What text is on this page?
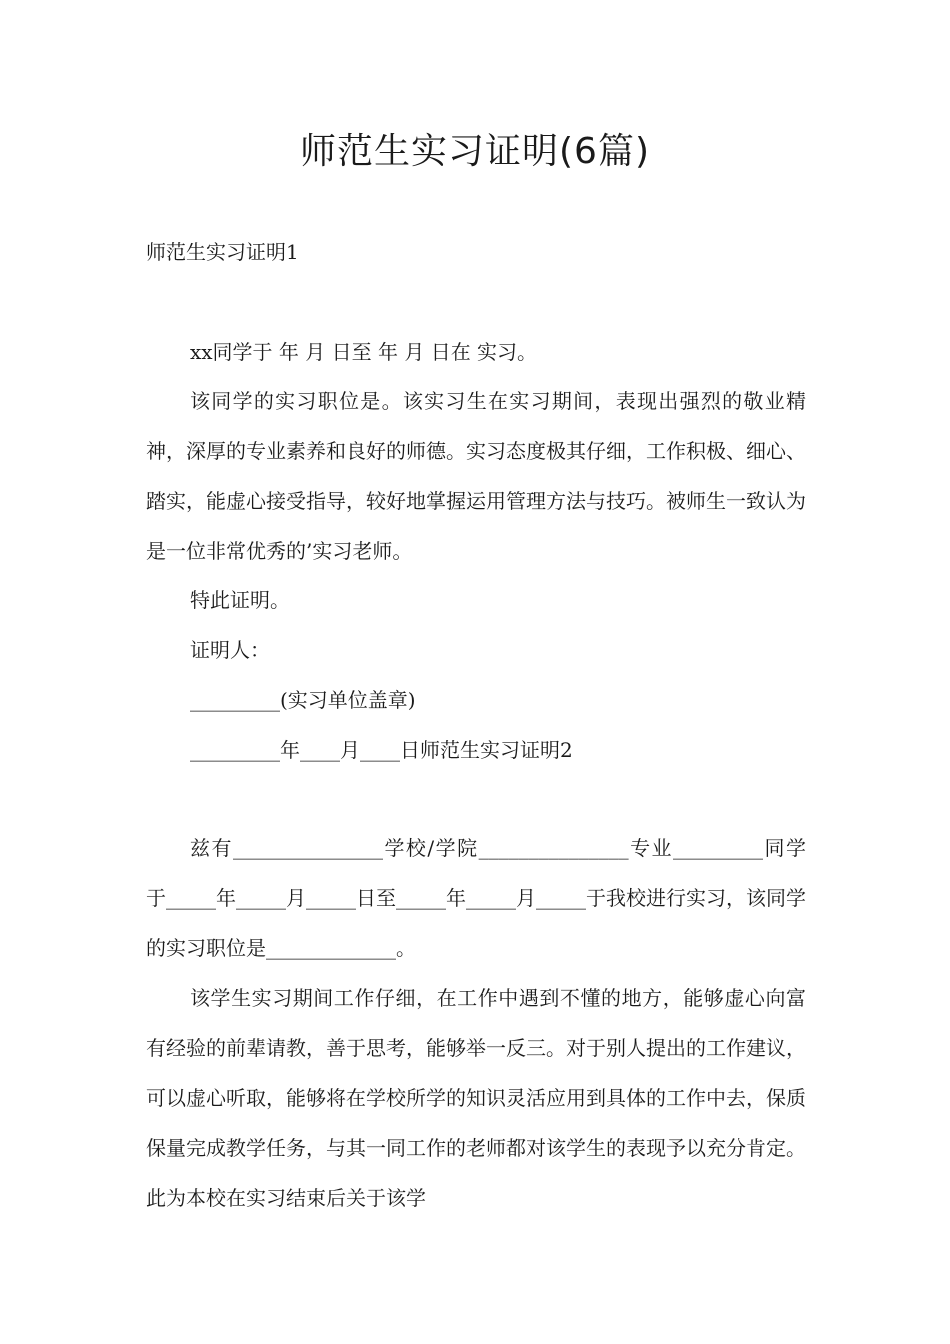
师范生实习证明(6篇)
师范生实习证明1
xx同学于 年 月 日至 年 月 日在 实习。
该同学的实习职位是。该实习生在实习期间，表现出强烈的敬业精神，深厚的专业素养和良好的师德。实习态度极其仔细，工作积极、细心、踏实，能虚心接受指导，较好地掌握运用管理方法与技巧。被师生一致认为是一位非常优秀的’实习老师。
特此证明。
证明人：
_________(实习单位盖章)
_________年____月____日师范生实习证明2
兹有_______________学校/学院_______________专业_________同学于_____年_____月_____日至_____年_____月_____于我校进行实习，该同学的实习职位是_____________。
该学生实习期间工作仔细，在工作中遇到不懂的地方，能够虚心向富有经验的前辈请教，善于思考，能够举一反三。对于别人提出的工作建议，可以虚心听取，能够将在学校所学的知识灵活应用到具体的工作中去，保质保量完成教学任务，与其一同工作的老师都对该学生的表现予以充分肯定。此为本校在实习结束后关于该学
